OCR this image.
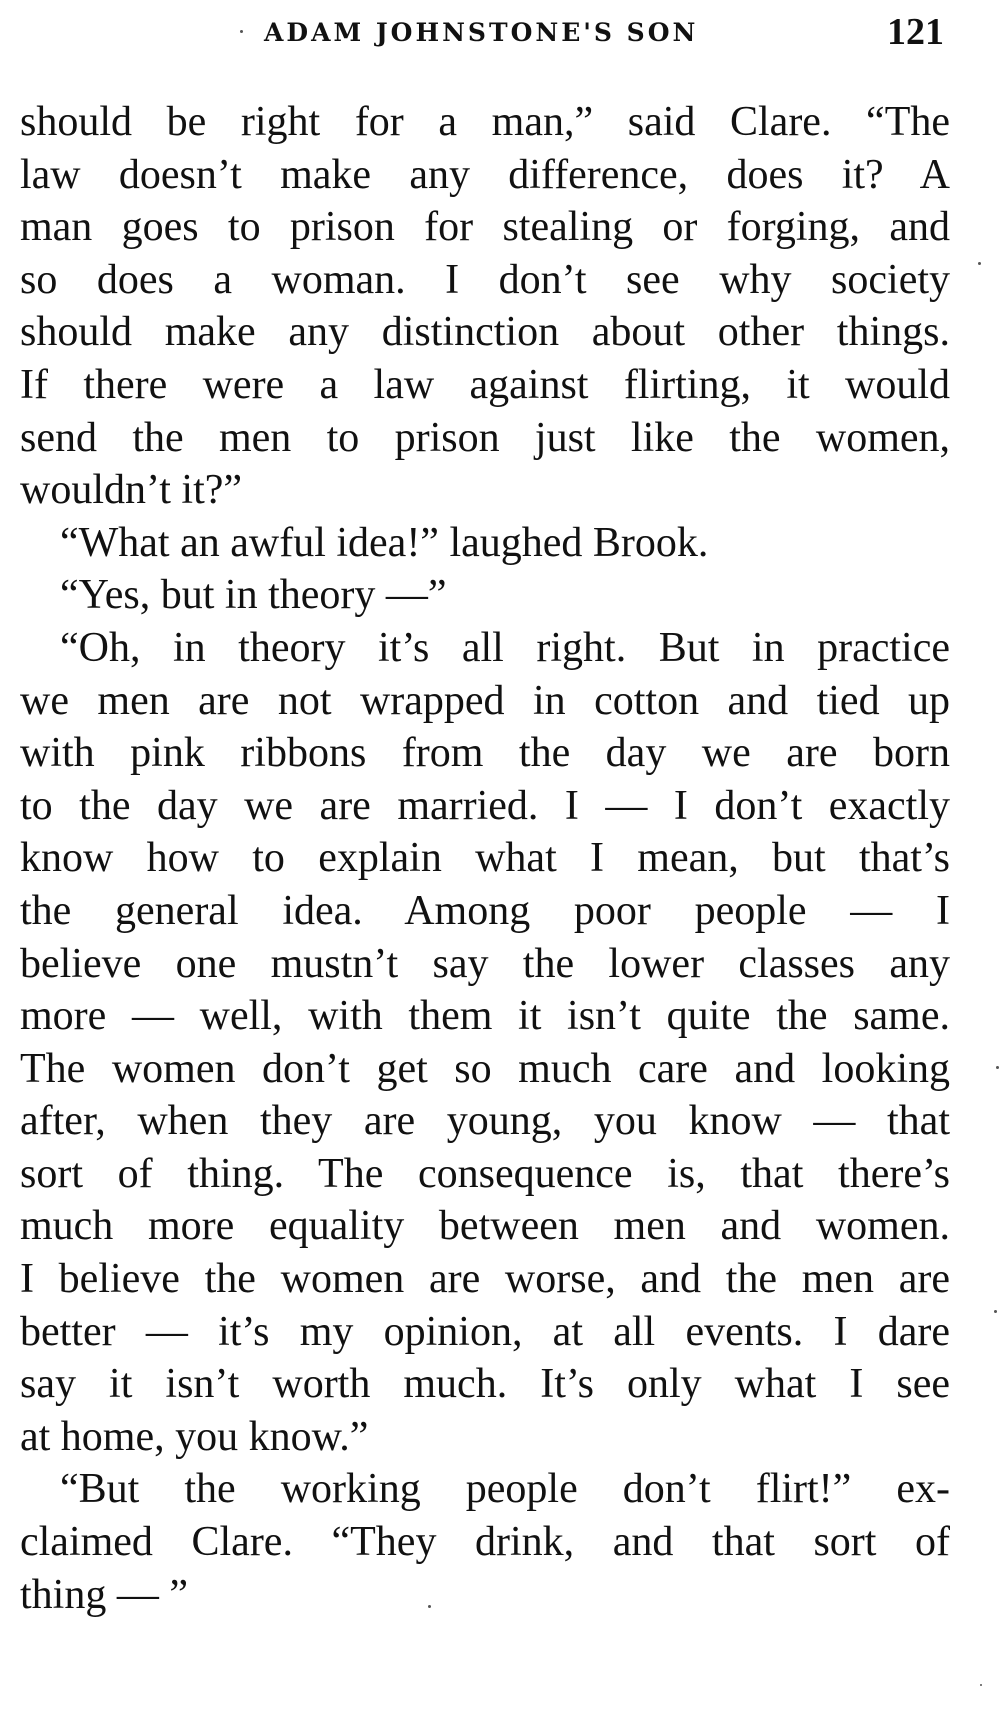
ADAM JOHNSTONE'S SON	121
should be right for a man,” said Clare. “The
law doesn’t make any difference, does it? A
man goes to prison for stealing or forging, and
so does a woman. I don’t see why society
should make any distinction about other things.
If there were a law against flirting, it would
send the men to prison just like the women,
wouldn’t it?”
“What an awful idea!” laughed Brook.
“Yes, but in theory —”
“Oh, in theory it’s all right. But in practice
we men are not wrapped in cotton and tied up
with pink ribbons from the day we are born
to the day we are married. I — I don’t exactly
know how to explain what I mean, but that’s
the general idea. Among poor people — I
believe one mustn’t say the lower classes any
more — well, with them it isn’t quite the same.
The women don’t get so much care and looking
after, when they are young, you know — that
sort of thing. The consequence is, that there’s
much more equality between men and women.
I believe the women are worse, and the men are
better — it’s my opinion, at all events. I dare
say it isn’t worth much. It’s only what I see
at home, you know.”
“But the working people don’t flirt!” ex-
claimed Clare. “They drink, and that sort of
thing — ”
